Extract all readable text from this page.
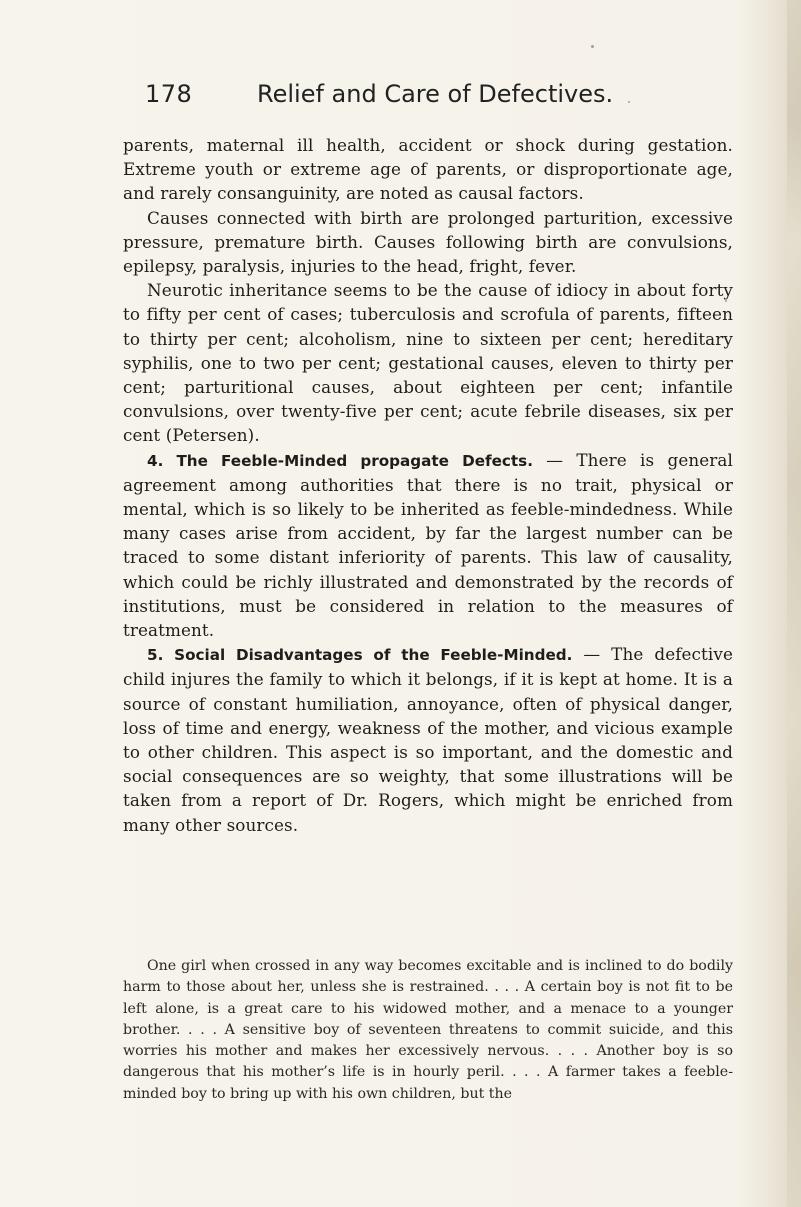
178	Relief and Care of Defectives.

parents, maternal ill health, accident or shock during gestation. Extreme youth or extreme age of parents, or disproportionate age, and rarely consanguinity, are noted as causal factors.

Causes connected with birth are prolonged parturition, excessive pressure, premature birth. Causes following birth are convulsions, epilepsy, paralysis, injuries to the head, fright, fever.

Neurotic inheritance seems to be the cause of idiocy in about forty to fifty per cent of cases; tuberculosis and scrofula of parents, fifteen to thirty per cent; alcoholism, nine to sixteen per cent; hereditary syphilis, one to two per cent; gestational causes, eleven to thirty per cent; parturitional causes, about eighteen per cent; infantile convulsions, over twenty-five per cent; acute febrile diseases, six per cent (Petersen).

4. The Feeble-Minded propagate Defects. — There is general agreement among authorities that there is no trait, physical or mental, which is so likely to be inherited as feeble-mindedness. While many cases arise from accident, by far the largest number can be traced to some distant inferiority of parents. This law of causality, which could be richly illustrated and demonstrated by the records of institutions, must be considered in relation to the measures of treatment.

5. Social Disadvantages of the Feeble-Minded. — The defective child injures the family to which it belongs, if it is kept at home. It is a source of constant humiliation, annoyance, often of physical danger, loss of time and energy, weakness of the mother, and vicious example to other children. This aspect is so important, and the domestic and social consequences are so weighty, that some illustrations will be taken from a report of Dr. Rogers, which might be enriched from many other sources.

One girl when crossed in any way becomes excitable and is inclined to do bodily harm to those about her, unless she is restrained. . . . A certain boy is not fit to be left alone, is a great care to his widowed mother, and a menace to a younger brother. . . . A sensitive boy of seventeen threatens to commit suicide, and this worries his mother and makes her excessively nervous. . . . Another boy is so dangerous that his mother’s life is in hourly peril. . . . A farmer takes a feeble-minded boy to bring up with his own children, but the
